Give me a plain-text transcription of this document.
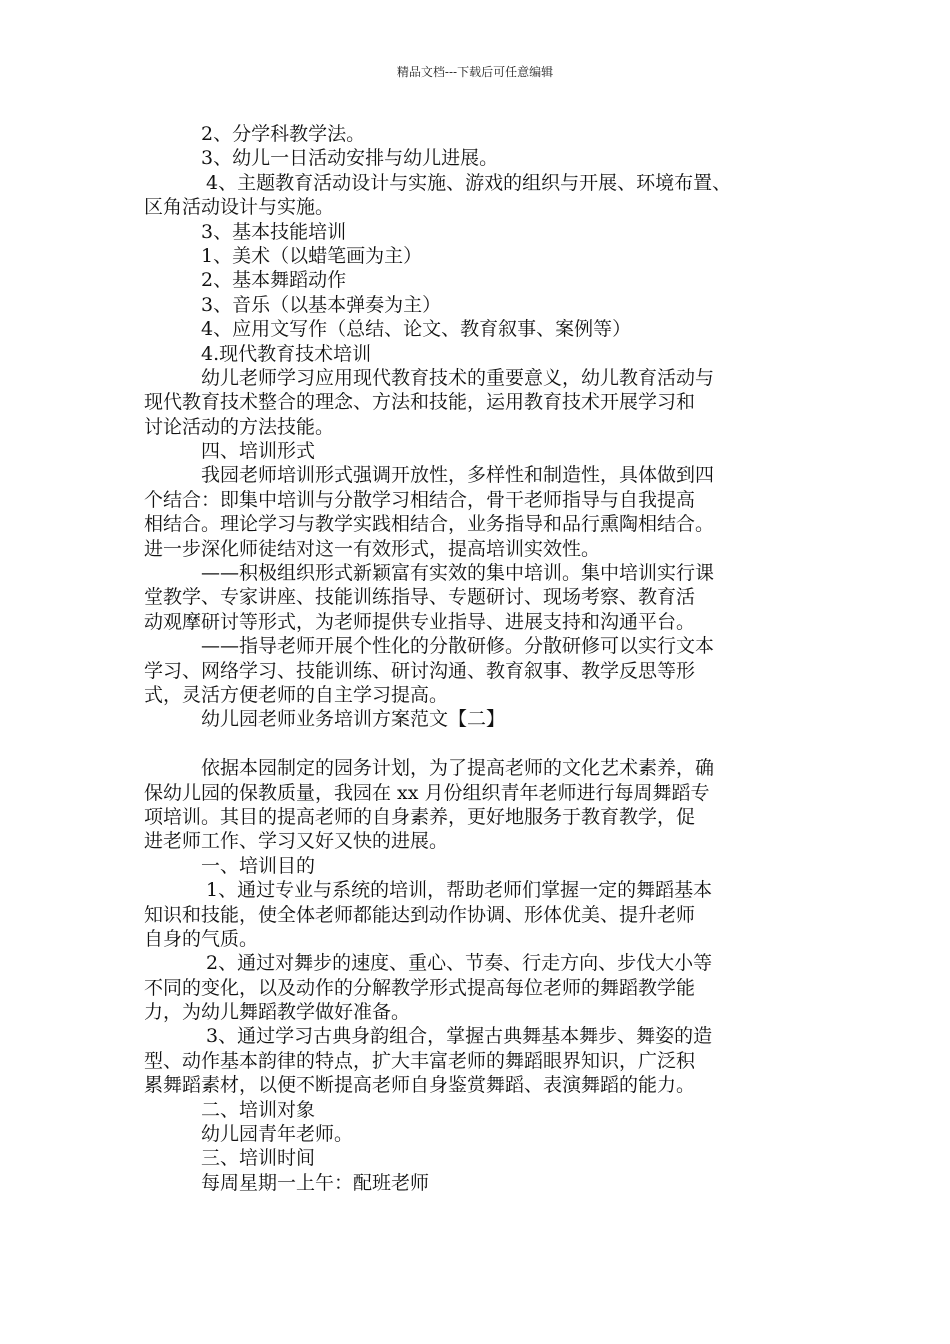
精品文档---下载后可任意编辑
2、分学科教学法。
3、幼儿一日活动安排与幼儿进展。
4、主题教育活动设计与实施、游戏的组织与开展、环境布置、
区角活动设计与实施。
3、基本技能培训
1、美术（以蜡笔画为主）
2、基本舞蹈动作
3、音乐（以基本弹奏为主）
4、应用文写作（总结、论文、教育叙事、案例等）
4.现代教育技术培训
幼儿老师学习应用现代教育技术的重要意义，幼儿教育活动与
现代教育技术整合的理念、方法和技能，运用教育技术开展学习和
讨论活动的方法技能。
四、培训形式
我园老师培训形式强调开放性，多样性和制造性，具体做到四
个结合：即集中培训与分散学习相结合，骨干老师指导与自我提高
相结合。理论学习与教学实践相结合，业务指导和品行熏陶相结合。
进一步深化师徒结对这一有效形式，提高培训实效性。
——积极组织形式新颖富有实效的集中培训。集中培训实行课
堂教学、专家讲座、技能训练指导、专题研讨、现场考察、教育活
动观摩研讨等形式，为老师提供专业指导、进展支持和沟通平台。
——指导老师开展个性化的分散研修。分散研修可以实行文本
学习、网络学习、技能训练、研讨沟通、教育叙事、教学反思等形
式，灵活方便老师的自主学习提高。
幼儿园老师业务培训方案范文【二】
依据本园制定的园务计划，为了提高老师的文化艺术素养，确
保幼儿园的保教质量，我园在 xx 月份组织青年老师进行每周舞蹈专
项培训。其目的提高老师的自身素养，更好地服务于教育教学，促
进老师工作、学习又好又快的进展。
一、培训目的
1、通过专业与系统的培训，帮助老师们掌握一定的舞蹈基本
知识和技能，使全体老师都能达到动作协调、形体优美、提升老师
自身的气质。
2、通过对舞步的速度、重心、节奏、行走方向、步伐大小等
不同的变化，以及动作的分解教学形式提高每位老师的舞蹈教学能
力，为幼儿舞蹈教学做好准备。
3、通过学习古典身韵组合，掌握古典舞基本舞步、舞姿的造
型、动作基本韵律的特点，扩大丰富老师的舞蹈眼界知识，广泛积
累舞蹈素材，以便不断提高老师自身鉴赏舞蹈、表演舞蹈的能力。
二、培训对象
幼儿园青年老师。
三、培训时间
每周星期一上午：配班老师
